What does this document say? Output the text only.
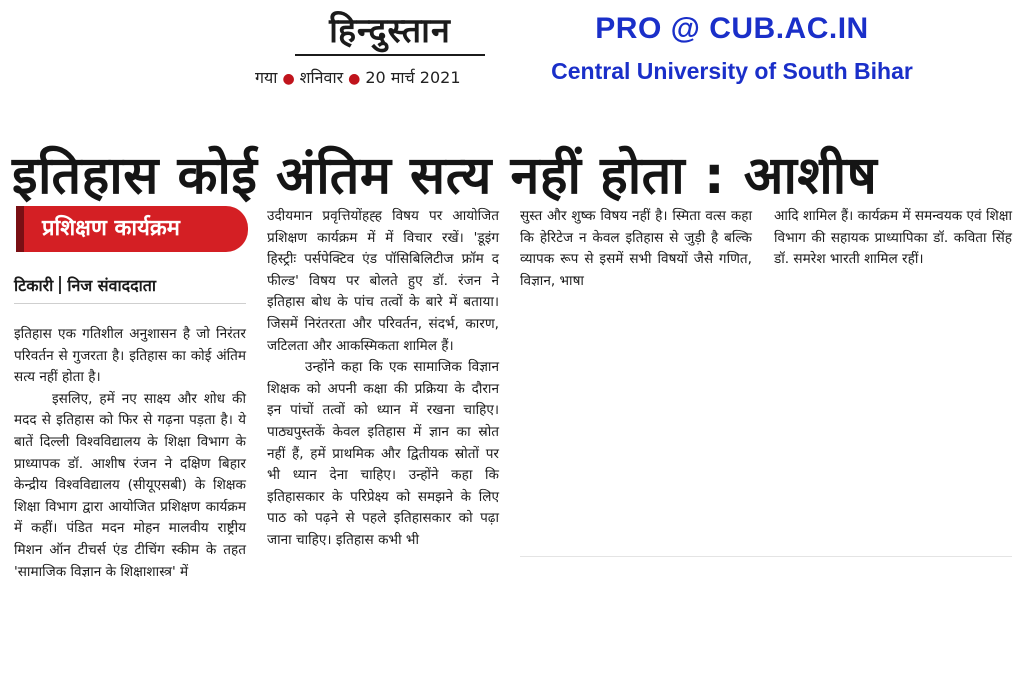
हिन्दुस्तान
गया ● शनिवार ● 20 मार्च 2021
PRO @ CUB.AC.IN
Central University of South Bihar
इतिहास कोई अंतिम सत्य नहीं होता : आशीष
प्रशिक्षण कार्यक्रम
टिकारी निज संवाददाता

इतिहास एक गतिशील अनुशासन है जो निरंतर परिवर्तन से गुजरता है। इतिहास का कोई अंतिम सत्य नहीं होता है।

इसलिए, हमें नए साक्ष्य और शोध की मदद से इतिहास को फिर से गढ़ना पड़ता है। ये बातें दिल्ली विश्वविद्यालय के शिक्षा विभाग के प्राध्यापक डॉ. आशीष रंजन ने दक्षिण बिहार केन्द्रीय विश्वविद्यालय (सीयूएसबी) के शिक्षक शिक्षा विभाग द्वारा आयोजित प्रशिक्षण कार्यक्रम में कहीं। पंडित मदन मोहन मालवीय राष्ट्रीय मिशन ऑन टीचर्स एंड टीचिंग स्कीम के तहत 'सामाजिक विज्ञान के शिक्षाशास्त्र' में

उदीयमान प्रवृत्तियोंहह्ह विषय पर आयोजित प्रशिक्षण कार्यक्रम में में विचार रखें। 'डूइंग हिस्ट्रीः पर्सपेक्टिव एंड पॉसिबिलिटीज फ्रॉम द फील्ड' विषय पर बोलते हुए डॉ. रंजन ने इतिहास बोध के पांच तत्वों के बारे में बताया। जिसमें निरंतरता और परिवर्तन, संदर्भ, कारण, जटिलता और आकस्मिकता शामिल हैं।

उन्होंने कहा कि एक सामाजिक विज्ञान शिक्षक को अपनी कक्षा की प्रक्रिया के दौरान इन पांचों तत्वों को ध्यान में रखना चाहिए। पाठ्यपुस्तकें केवल इतिहास में ज्ञान का स्रोत नहीं हैं, हमें प्राथमिक और द्वितीयक स्रोतों पर भी ध्यान देना चाहिए। उन्होंने कहा कि इतिहासकार के परिप्रेक्ष्य को समझने के लिए पाठ को पढ़ने से पहले इतिहासकार को पढ़ा जाना चाहिए। इतिहास कभी भी

सुस्त और शुष्क विषय नहीं है। स्मिता वत्स कहा कि हेरिटेज न केवल इतिहास से जुड़ी है बल्कि व्यापक रूप से इसमें सभी विषयों जैसे गणित, विज्ञान, भाषा

आदि शामिल हैं। कार्यक्रम में समन्वयक एवं शिक्षा विभाग की सहायक प्राध्यापिका डॉ. कविता सिंह डॉ. समरेश भारती शामिल रहीं।
